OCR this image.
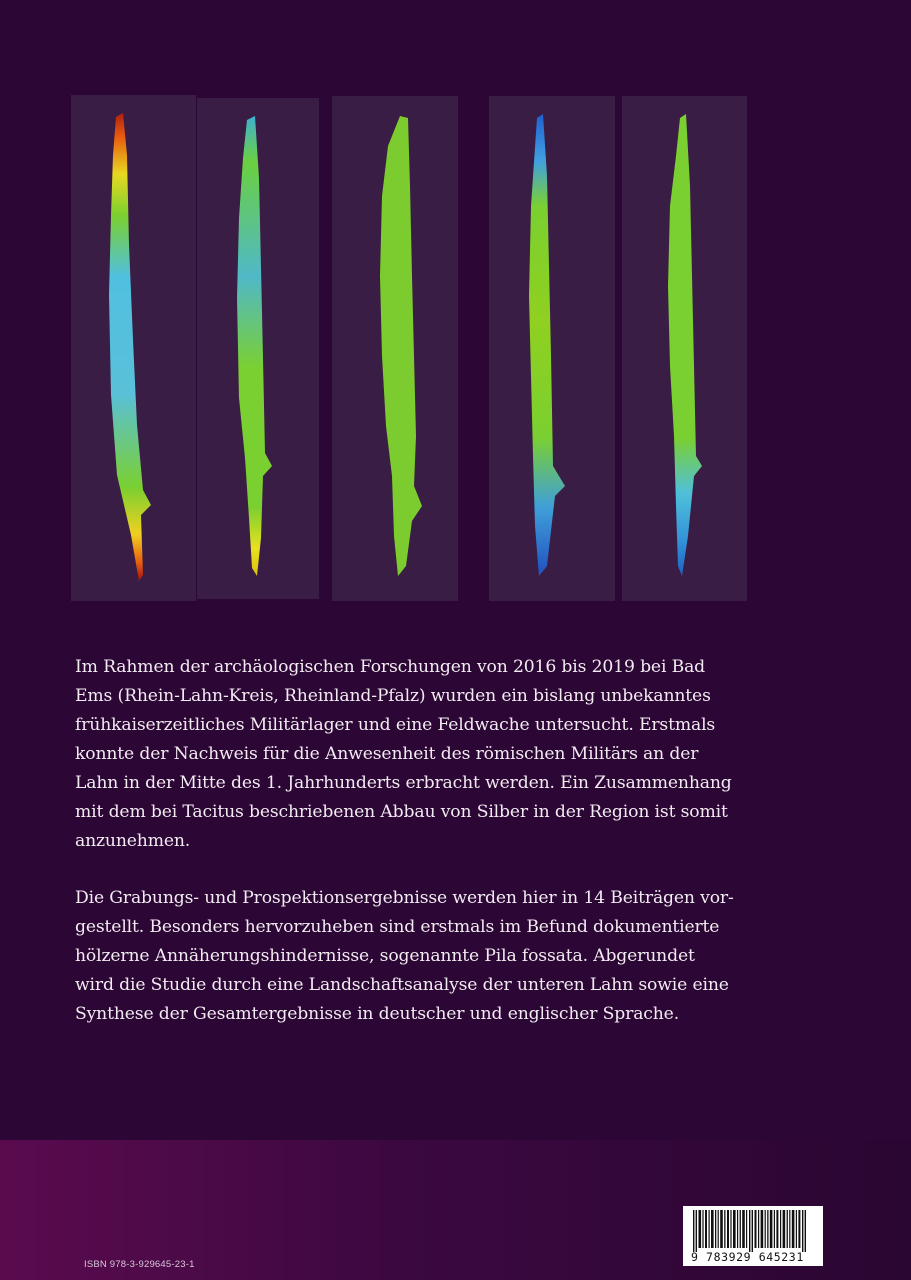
Im Rahmen der archäologischen Forschungen von 2016 bis 2019 bei Bad

Ems (Rhein-Lahn-Kreis, Rheinland-Pfalz) wurden ein bislang unbekanntes

frühkaiserzeitliches Militärlager und eine Feldwache untersucht. Erstmals

konnte der Nachweis für die Anwesenheit des römischen Militärs an der

Lahn in der Mitte des 1. Jahrhunderts erbracht werden. Ein Zusammenhang

mit dem bei Tacitus beschriebenen Abbau von Silber in der Region ist somit

anzunehmen.

Die Grabungs- und Prospektionsergebnisse werden hier in 14 Beiträgen vor-

gestellt. Besonders hervorzuheben sind erstmals im Befund dokumentierte

hölzerne Annäherungshindernisse, sogenannte Pila fossata. Abgerundet

wird die Studie durch eine Landschaftsanalyse der unteren Lahn sowie eine

Synthese der Gesamtergebnisse in deutscher und englischer Sprache.

ISBN 978-3-929645-23-1
9 783929 645231
